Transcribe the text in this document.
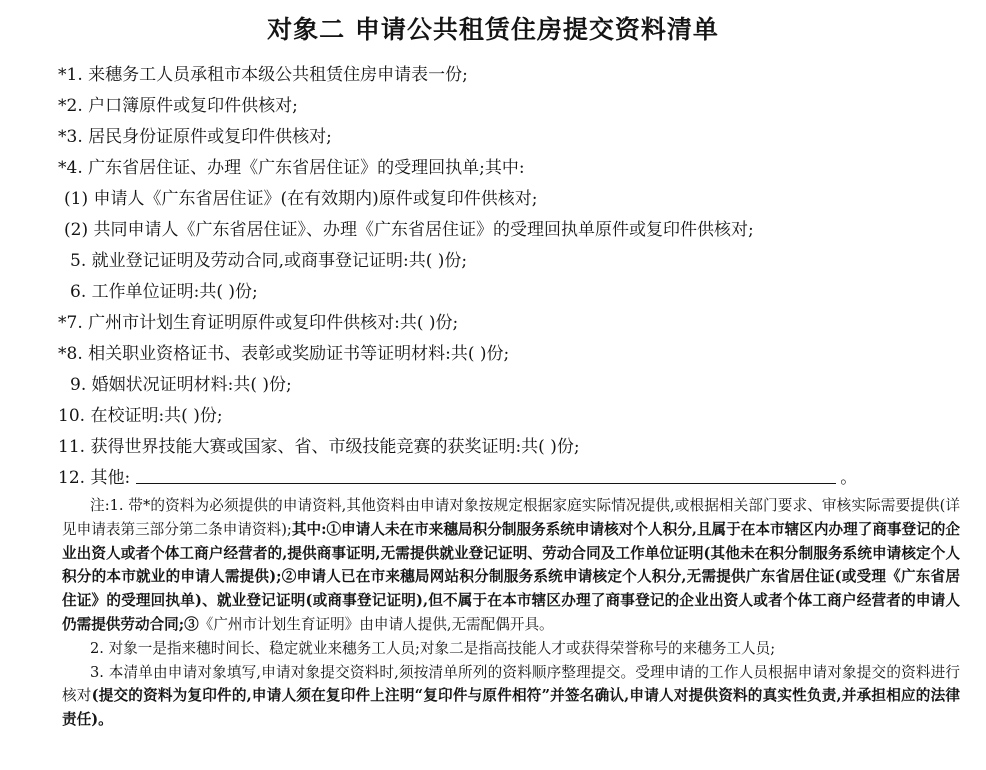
对象二 申请公共租赁住房提交资料清单
*1. 来穗务工人员承租市本级公共租赁住房申请表一份;
*2. 户口簿原件或复印件供核对;
*3. 居民身份证原件或复印件供核对;
*4. 广东省居住证、办理《广东省居住证》的受理回执单;其中:
(1) 申请人《广东省居住证》(在有效期内)原件或复印件供核对;
(2) 共同申请人《广东省居住证》、办理《广东省居住证》的受理回执单原件或复印件供核对;
5. 就业登记证明及劳动合同,或商事登记证明:共( )份;
6. 工作单位证明:共( )份;
*7. 广州市计划生育证明原件或复印件供核对:共( )份;
*8. 相关职业资格证书、表彰或奖励证书等证明材料:共( )份;
9. 婚姻状况证明材料:共( )份;
10. 在校证明:共( )份;
11. 获得世界技能大赛或国家、省、市级技能竞赛的获奖证明:共( )份;
12. 其他:	。

注:1. 带*的资料为必须提供的申请资料,其他资料由申请对象按规定根据家庭实际情况提供,或根据相关部门要求、审核实际需要提供(详见申请表第三部分第二条申请资料);其中:①申请人未在市来穗局积分制服务系统申请核对个人积分,且属于在本市辖区内办理了商事登记的企业出资人或者个体工商户经营者的,提供商事证明,无需提供就业登记证明、劳动合同及工作单位证明(其他未在积分制服务系统申请核定个人积分的本市就业的申请人需提供);②申请人已在市来穗局网站积分制服务系统申请核定个人积分,无需提供广东省居住证(或受理《广东省居住证》的受理回执单)、就业登记证明(或商事登记证明),但不属于在本市辖区办理了商事登记的企业出资人或者个体工商户经营者的申请人仍需提供劳动合同;③《广州市计划生育证明》由申请人提供,无需配偶开具。

2. 对象一是指来穗时间长、稳定就业来穗务工人员;对象二是指高技能人才或获得荣誉称号的来穗务工人员;

3. 本清单由申请对象填写,申请对象提交资料时,须按清单所列的资料顺序整理提交。受理申请的工作人员根据申请对象提交的资料进行核对(提交的资料为复印件的,申请人须在复印件上注明“复印件与原件相符”并签名确认,申请人对提供资料的真实性负责,并承担相应的法律责任)。
